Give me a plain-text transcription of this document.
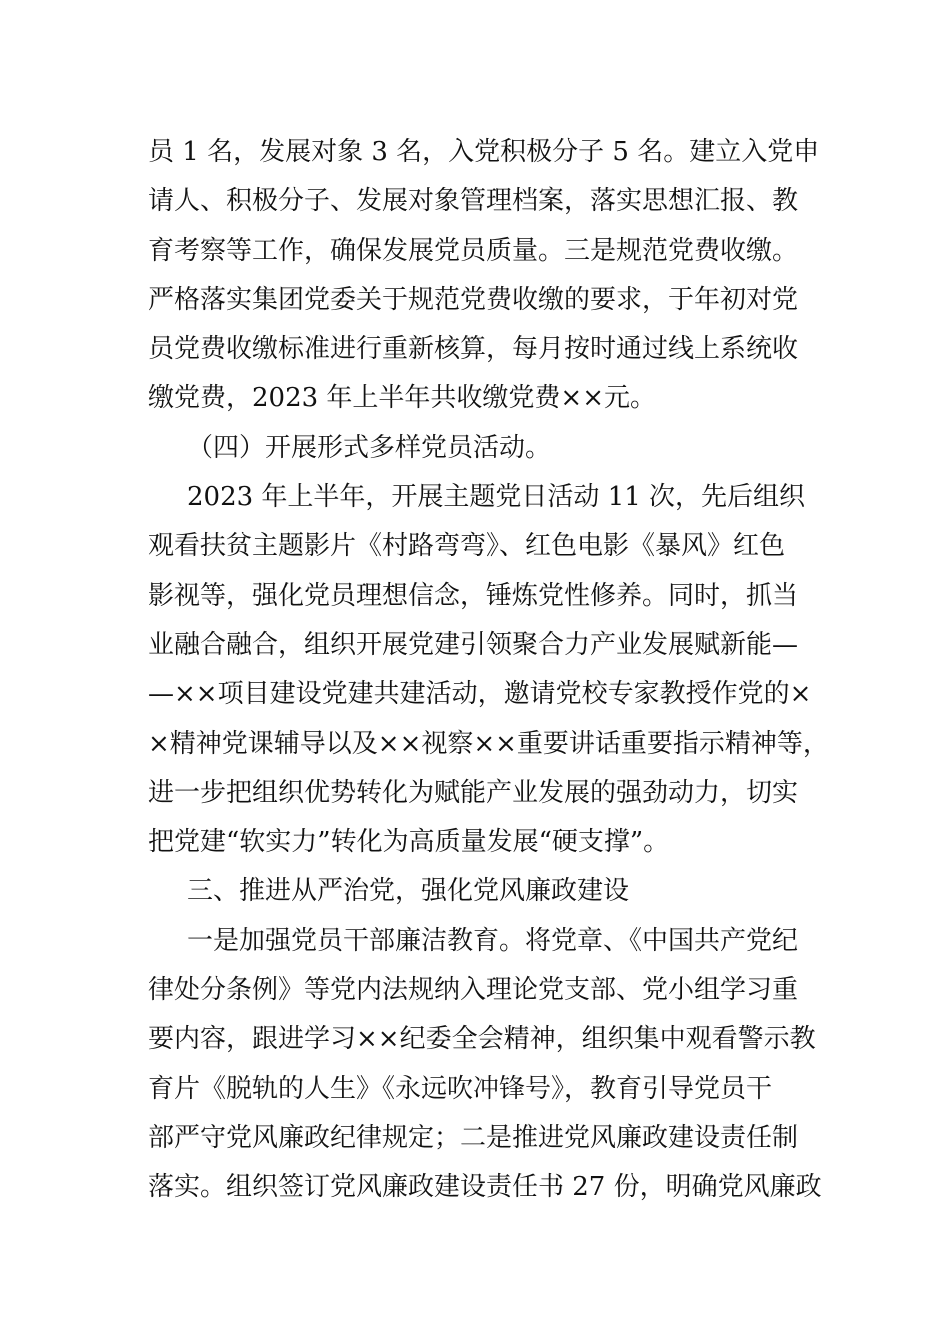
员 1 名，发展对象 3 名，入党积极分子 5 名。建立入党申
请人、积极分子、发展对象管理档案，落实思想汇报、教
育考察等工作，确保发展党员质量。三是规范党费收缴。
严格落实集团党委关于规范党费收缴的要求，于年初对党
员党费收缴标准进行重新核算，每月按时通过线上系统收
缴党费，2023 年上半年共收缴党费××元。
（四）开展形式多样党员活动。
2023 年上半年，开展主题党日活动 11 次，先后组织
观看扶贫主题影片《村路弯弯》、红色电影《暴风》红色
影视等，强化党员理想信念，锤炼党性修养。同时，抓当
业融合融合，组织开展党建引领聚合力产业发展赋新能—
—××项目建设党建共建活动，邀请党校专家教授作党的×
×精神党课辅导以及××视察××重要讲话重要指示精神等，
进一步把组织优势转化为赋能产业发展的强劲动力，切实
把党建“软实力”转化为高质量发展“硬支撑”。
三、推进从严治党，强化党风廉政建设
一是加强党员干部廉洁教育。将党章、《中国共产党纪
律处分条例》等党内法规纳入理论党支部、党小组学习重
要内容，跟进学习××纪委全会精神，组织集中观看警示教
育片《脱轨的人生》《永远吹冲锋号》，教育引导党员干
部严守党风廉政纪律规定；二是推进党风廉政建设责任制
落实。组织签订党风廉政建设责任书 27 份，明确党风廉政
